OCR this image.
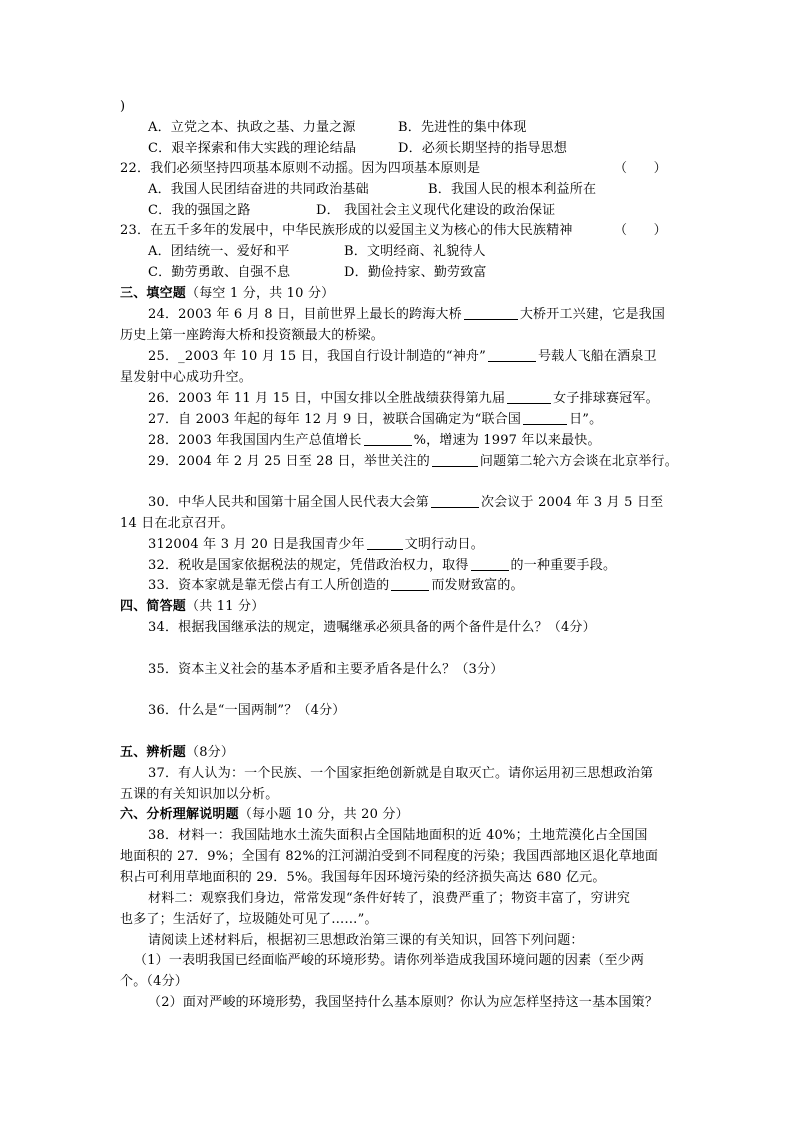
)
A．立党之本、执政之基、力量之源	B．先进性的集中体现
C．艰辛探索和伟大实践的理论结晶	D．必须长期坚持的指导思想
22．我们必须坚持四项基本原则不动摇。因为四项基本原则是	（　　）
A．我国人民团结奋进的共同政治基础	B．我国人民的根本利益所在
C．我的强国之路	D． 我国社会主义现代化建设的政治保证
23．在五千多年的发展中，中华民族形成的以爱国主义为核心的伟大民族精神	（　　）
A．团结统一、爱好和平	B．文明经商、礼貌待人
C．勤劳勇敢、自强不息	D．勤俭持家、勤劳致富
三、填空题（每空 1 分，共 10 分）
24．2003 年 6 月 8 日，目前世界上最长的跨海大桥	大桥开工兴建，它是我国
历史上第一座跨海大桥和投资额最大的桥梁。
25．_2003 年 10 月 15 日，我国自行设计制造的“神舟”	号载人飞船在酒泉卫
星发射中心成功升空。
26．2003 年 11 月 15 日，中国女排以全胜战绩获得第九届	女子排球赛冠军。
27．自 2003 年起的每年 12 月 9 日，被联合国确定为“联合国	日”。
28．2003 年我国国内生产总值增长	%，增速为 1997 年以来最快。
29．2004 年 2 月 25 日至 28 日，举世关注的	问题第二轮六方会谈在北京举行。
30．中华人民共和国第十届全国人民代表大会第	次会议于 2004 年 3 月 5 日至
14 日在北京召开。
312004 年 3 月 20 日是我国青少年	文明行动日。
32．税收是国家依据税法的规定，凭借政治权力，取得	的一种重要手段。
33．资本家就是靠无偿占有工人所创造的	而发财致富的。
四、简答题（共 11 分）
34．根据我国继承法的规定，遗嘱继承必须具备的两个备件是什么？（4分）
35．资本主义社会的基本矛盾和主要矛盾各是什么？（3分）
36．什么是“一国两制”？（4分）
五、辨析题（8分）
37．有人认为：一个民族、一个国家拒绝创新就是自取灭亡。请你运用初三思想政治第
五课的有关知识加以分析。
六、分析理解说明题（每小题 10 分，共 20 分）
38．材料一：我国陆地水土流失面积占全国陆地面积的近 40%；土地荒漠化占全国国
地面积的 27．9%；全国有 82%的江河湖泊受到不同程度的污染；我国西部地区退化草地面
积占可利用草地面积的 29．5%。我国每年因环境污染的经济损失高达 680 亿元。
材料二：观察我们身边，常常发现“条件好转了，浪费严重了；物资丰富了，穷讲究
也多了；生活好了，垃圾随处可见了……”。
请阅读上述材料后，根据初三思想政治第三课的有关知识，回答下列问题：
（1）一表明我国已经面临严峻的环境形势。请你列举造成我国环境问题的因素（至少两
个。（4分）
（2）面对严峻的环境形势，我国坚持什么基本原则？你认为应怎样坚持这一基本国策？
